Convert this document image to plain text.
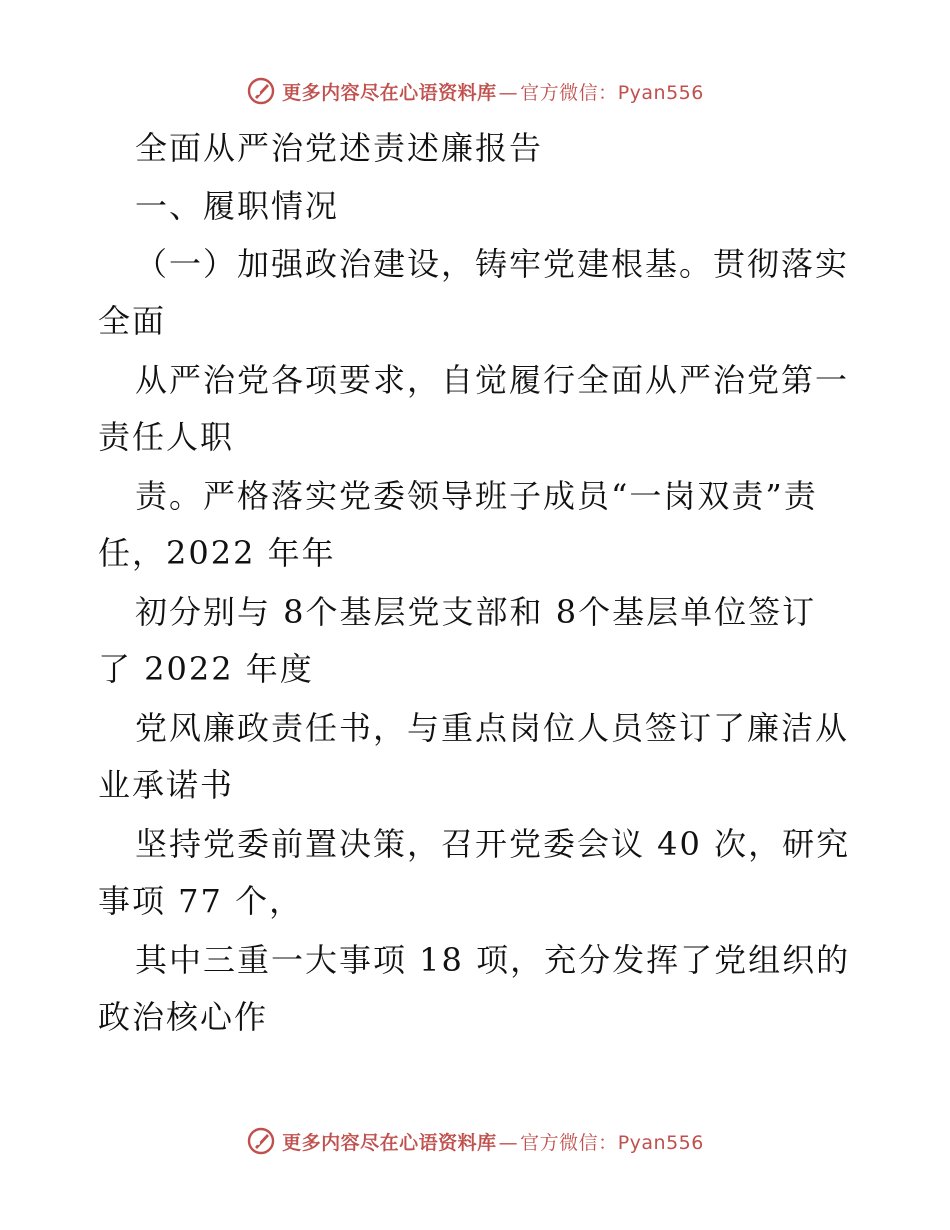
更多内容尽在心语资料库 — 官方微信：Pyan556
全面从严治党述责述廉报告
一、履职情况
（一）加强政治建设，铸牢党建根基。贯彻落实
全面
从严治党各项要求，自觉履行全面从严治党第一
责任人职
责。严格落实党委领导班子成员“一岗双责”责
任，2022 年年
初分别与 8个基层党支部和 8个基层单位签订
了 2022 年度
党风廉政责任书，与重点岗位人员签订了廉洁从
业承诺书
坚持党委前置决策，召开党委会议 40 次，研究
事项 77 个，
其中三重一大事项 18 项，充分发挥了党组织的
政治核心作
更多内容尽在心语资料库 — 官方微信：Pyan556
